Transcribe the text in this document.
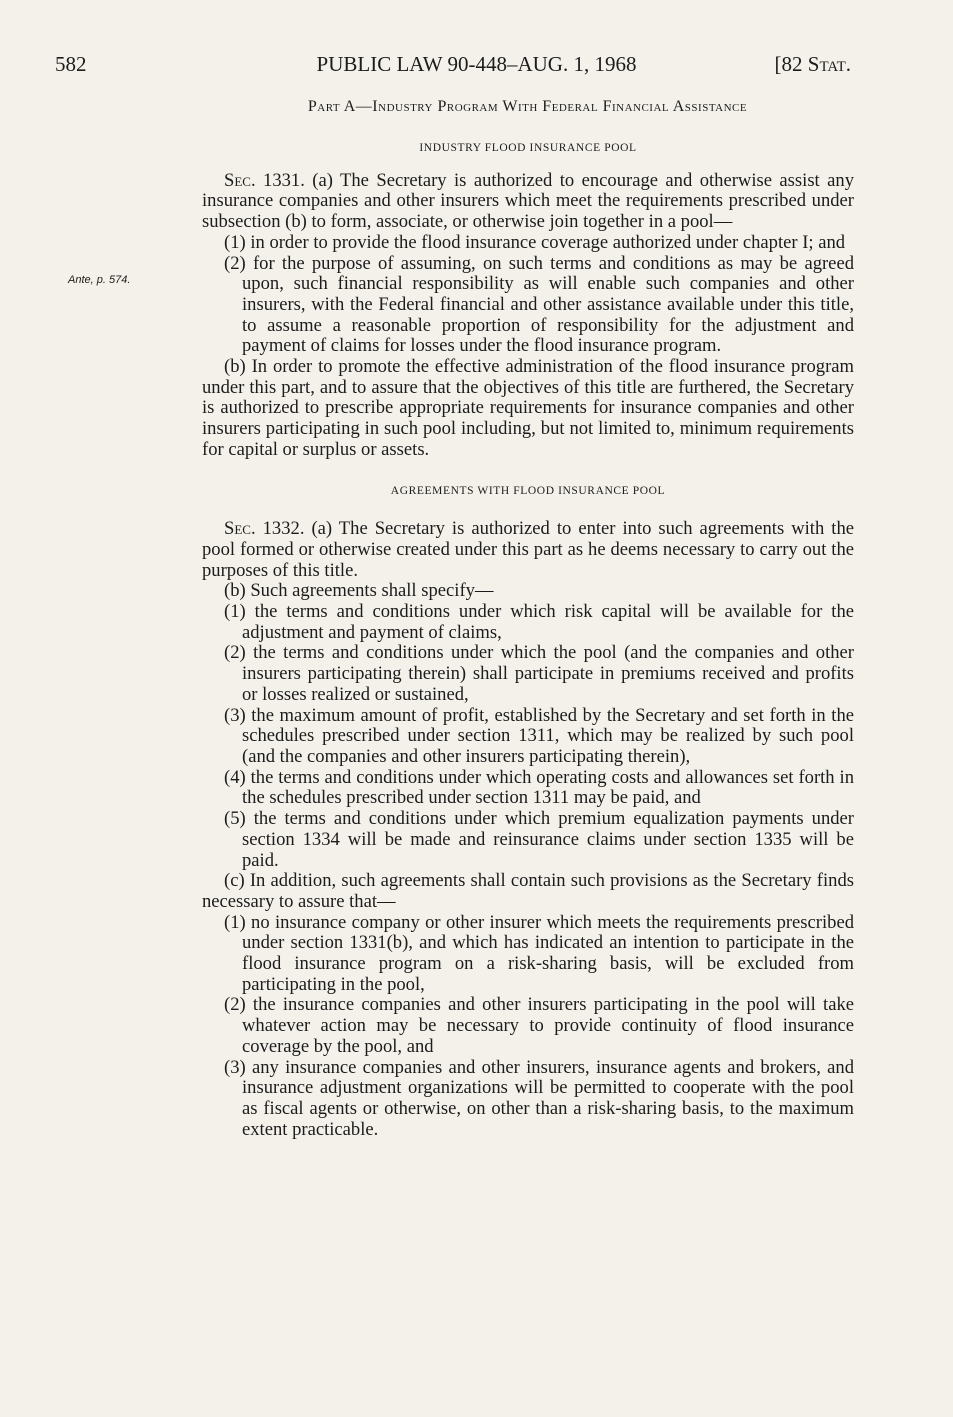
582	PUBLIC LAW 90-448–AUG. 1, 1968	[82 Stat.
Part A—Industry Program With Federal Financial Assistance
Ante, p. 574.
INDUSTRY FLOOD INSURANCE POOL

Sec. 1331. (a) The Secretary is authorized to encourage and otherwise assist any insurance companies and other insurers which meet the requirements prescribed under subsection (b) to form, associate, or otherwise join together in a pool—

(1) in order to provide the flood insurance coverage authorized under chapter I; and

(2) for the purpose of assuming, on such terms and conditions as may be agreed upon, such financial responsibility as will enable such companies and other insurers, with the Federal financial and other assistance available under this title, to assume a reasonable proportion of responsibility for the adjustment and payment of claims for losses under the flood insurance program.

(b) In order to promote the effective administration of the flood insurance program under this part, and to assure that the objectives of this title are furthered, the Secretary is authorized to prescribe appropriate requirements for insurance companies and other insurers participating in such pool including, but not limited to, minimum requirements for capital or surplus or assets.

AGREEMENTS WITH FLOOD INSURANCE POOL

Sec. 1332. (a) The Secretary is authorized to enter into such agreements with the pool formed or otherwise created under this part as he deems necessary to carry out the purposes of this title.

(b) Such agreements shall specify—

(1) the terms and conditions under which risk capital will be available for the adjustment and payment of claims,

(2) the terms and conditions under which the pool (and the companies and other insurers participating therein) shall participate in premiums received and profits or losses realized or sustained,

(3) the maximum amount of profit, established by the Secretary and set forth in the schedules prescribed under section 1311, which may be realized by such pool (and the companies and other insurers participating therein),

(4) the terms and conditions under which operating costs and allowances set forth in the schedules prescribed under section 1311 may be paid, and

(5) the terms and conditions under which premium equalization payments under section 1334 will be made and reinsurance claims under section 1335 will be paid.

(c) In addition, such agreements shall contain such provisions as the Secretary finds necessary to assure that—

(1) no insurance company or other insurer which meets the requirements prescribed under section 1331(b), and which has indicated an intention to participate in the flood insurance program on a risk-sharing basis, will be excluded from participating in the pool,

(2) the insurance companies and other insurers participating in the pool will take whatever action may be necessary to provide continuity of flood insurance coverage by the pool, and

(3) any insurance companies and other insurers, insurance agents and brokers, and insurance adjustment organizations will be permitted to cooperate with the pool as fiscal agents or otherwise, on other than a risk-sharing basis, to the maximum extent practicable.
